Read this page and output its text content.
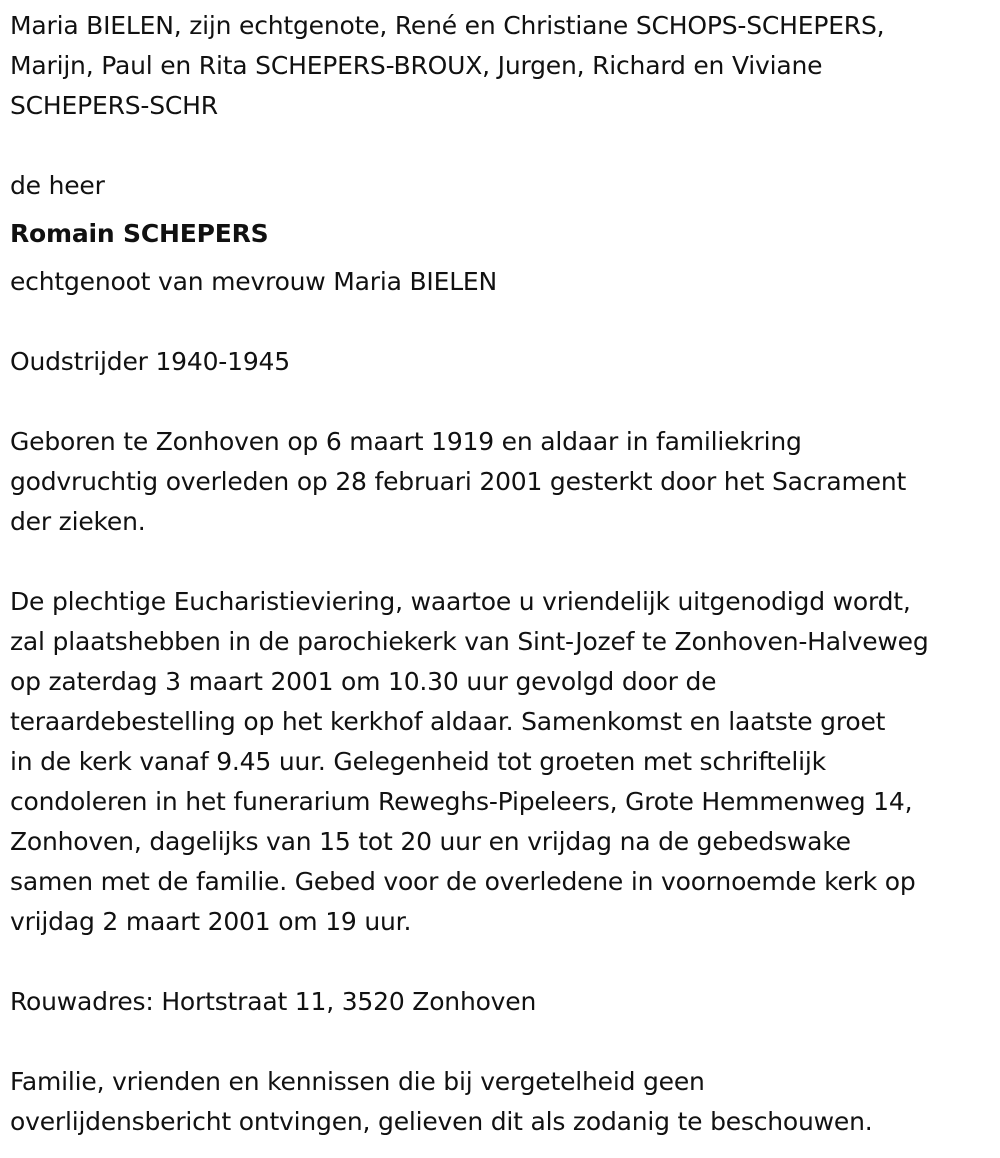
Maria BIELEN, zijn echtgenote, René en Christiane SCHOPS-SCHEPERS,
Marijn, Paul en Rita SCHEPERS-BROUX, Jurgen, Richard en Viviane
SCHEPERS-SCHR

de heer

Romain SCHEPERS

echtgenoot van mevrouw Maria BIELEN

Oudstrijder 1940-1945

Geboren te Zonhoven op 6 maart 1919 en aldaar in familiekring
godvruchtig overleden op 28 februari 2001 gesterkt door het Sacrament
der zieken.

De plechtige Eucharistieviering, waartoe u vriendelijk uitgenodigd wordt,
zal plaatshebben in de parochiekerk van Sint-Jozef te Zonhoven-Halveweg
op zaterdag 3 maart 2001 om 10.30 uur gevolgd door de
teraardebestelling op het kerkhof aldaar. Samenkomst en laatste groet
in de kerk vanaf 9.45 uur. Gelegenheid tot groeten met schriftelijk
condoleren in het funerarium Reweghs-Pipeleers, Grote Hemmenweg 14,
Zonhoven, dagelijks van 15 tot 20 uur en vrijdag na de gebedswake
samen met de familie. Gebed voor de overledene in voornoemde kerk op
vrijdag 2 maart 2001 om 19 uur.

Rouwadres: Hortstraat 11, 3520 Zonhoven

Familie, vrienden en kennissen die bij vergetelheid geen
overlijdensbericht ontvingen, gelieven dit als zodanig te beschouwen.
